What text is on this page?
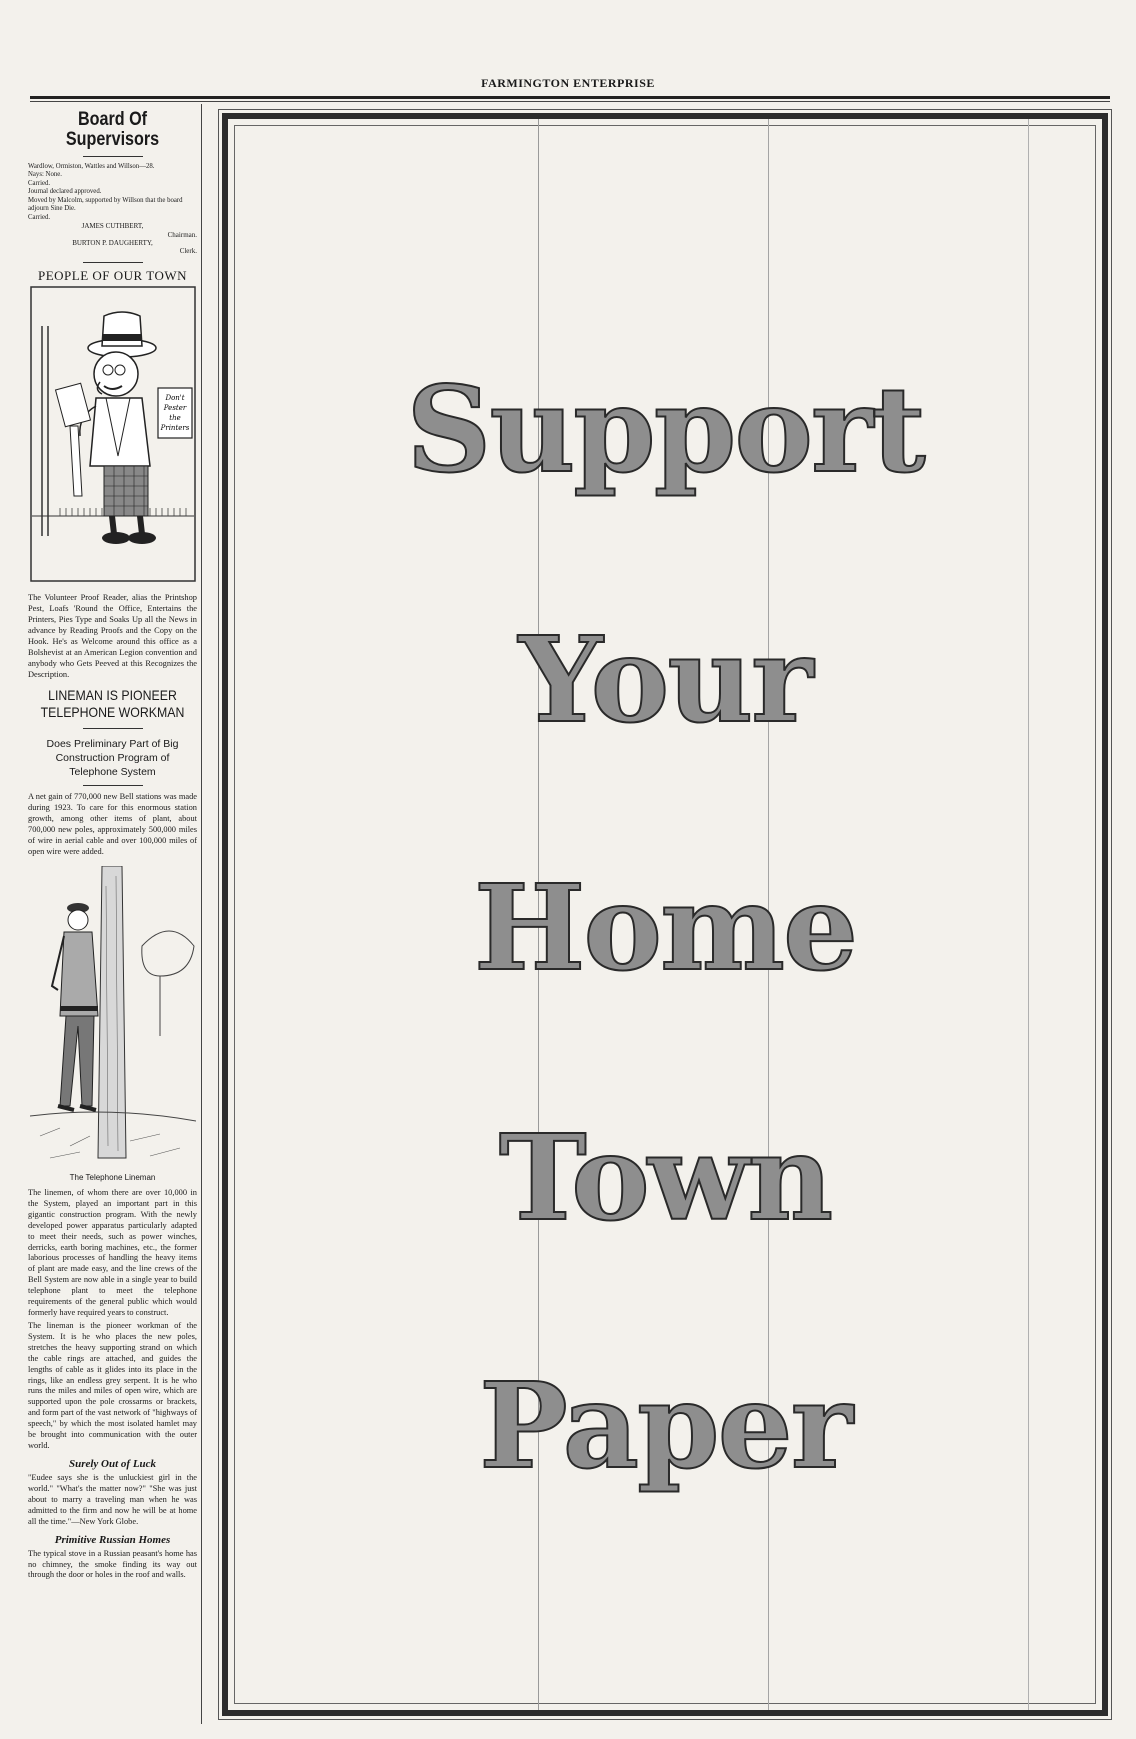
FARMINGTON ENTERPRISE
Board Of Supervisors

Wardlow, Ormiston, Wattles and Willson—28.

Nays: None.

Carried.

Journal declared approved.

Moved by Malcolm, supported by Willson that the board adjourn Sine Die.

Carried.

JAMES CUTHBERT,

Chairman.

BURTON P. DAUGHERTY,

Clerk.

PEOPLE OF OUR TOWN
Don't
Pester
the
Printers

The Volunteer Proof Reader, alias the Printshop Pest, Loafs 'Round the Office, Entertains the Printers, Pies Type and Soaks Up all the News in advance by Reading Proofs and the Copy on the Hook. He's as Welcome around this office as a Bolshevist at an American Legion convention and anybody who Gets Peeved at this Recognizes the Description.

LINEMAN IS PIONEER
TELEPHONE WORKMAN

Does Preliminary Part of Big
Construction Program of
Telephone System

A net gain of 770,000 new Bell stations was made during 1923. To care for this enormous station growth, among other items of plant, about 700,000 new poles, approximately 500,000 miles of wire in aerial cable and over 100,000 miles of open wire were added.

The Telephone Lineman

The linemen, of whom there are over 10,000 in the System, played an important part in this gigantic construction program. With the newly developed power apparatus particularly adapted to meet their needs, such as power winches, derricks, earth boring machines, etc., the former laborious processes of handling the heavy items of plant are made easy, and the line crews of the Bell System are now able in a single year to build telephone plant to meet the telephone requirements of the general public which would formerly have required years to construct.

The lineman is the pioneer workman of the System. It is he who places the new poles, stretches the heavy supporting strand on which the cable rings are attached, and guides the lengths of cable as it glides into its place in the rings, like an endless grey serpent. It is he who runs the miles and miles of open wire, which are supported upon the pole crossarms or brackets, and form part of the vast network of "highways of speech," by which the most isolated hamlet may be brought into communication with the outer world.

Surely Out of Luck

"Eudee says she is the unluckiest girl in the world." "What's the matter now?" "She was just about to marry a traveling man when he was admitted to the firm and now he will be at home all the time."—New York Globe.

Primitive Russian Homes

The typical stove in a Russian peasant's home has no chimney, the smoke finding its way out through the door or holes in the roof and walls.

Support
Your
Home
Town
Paper
